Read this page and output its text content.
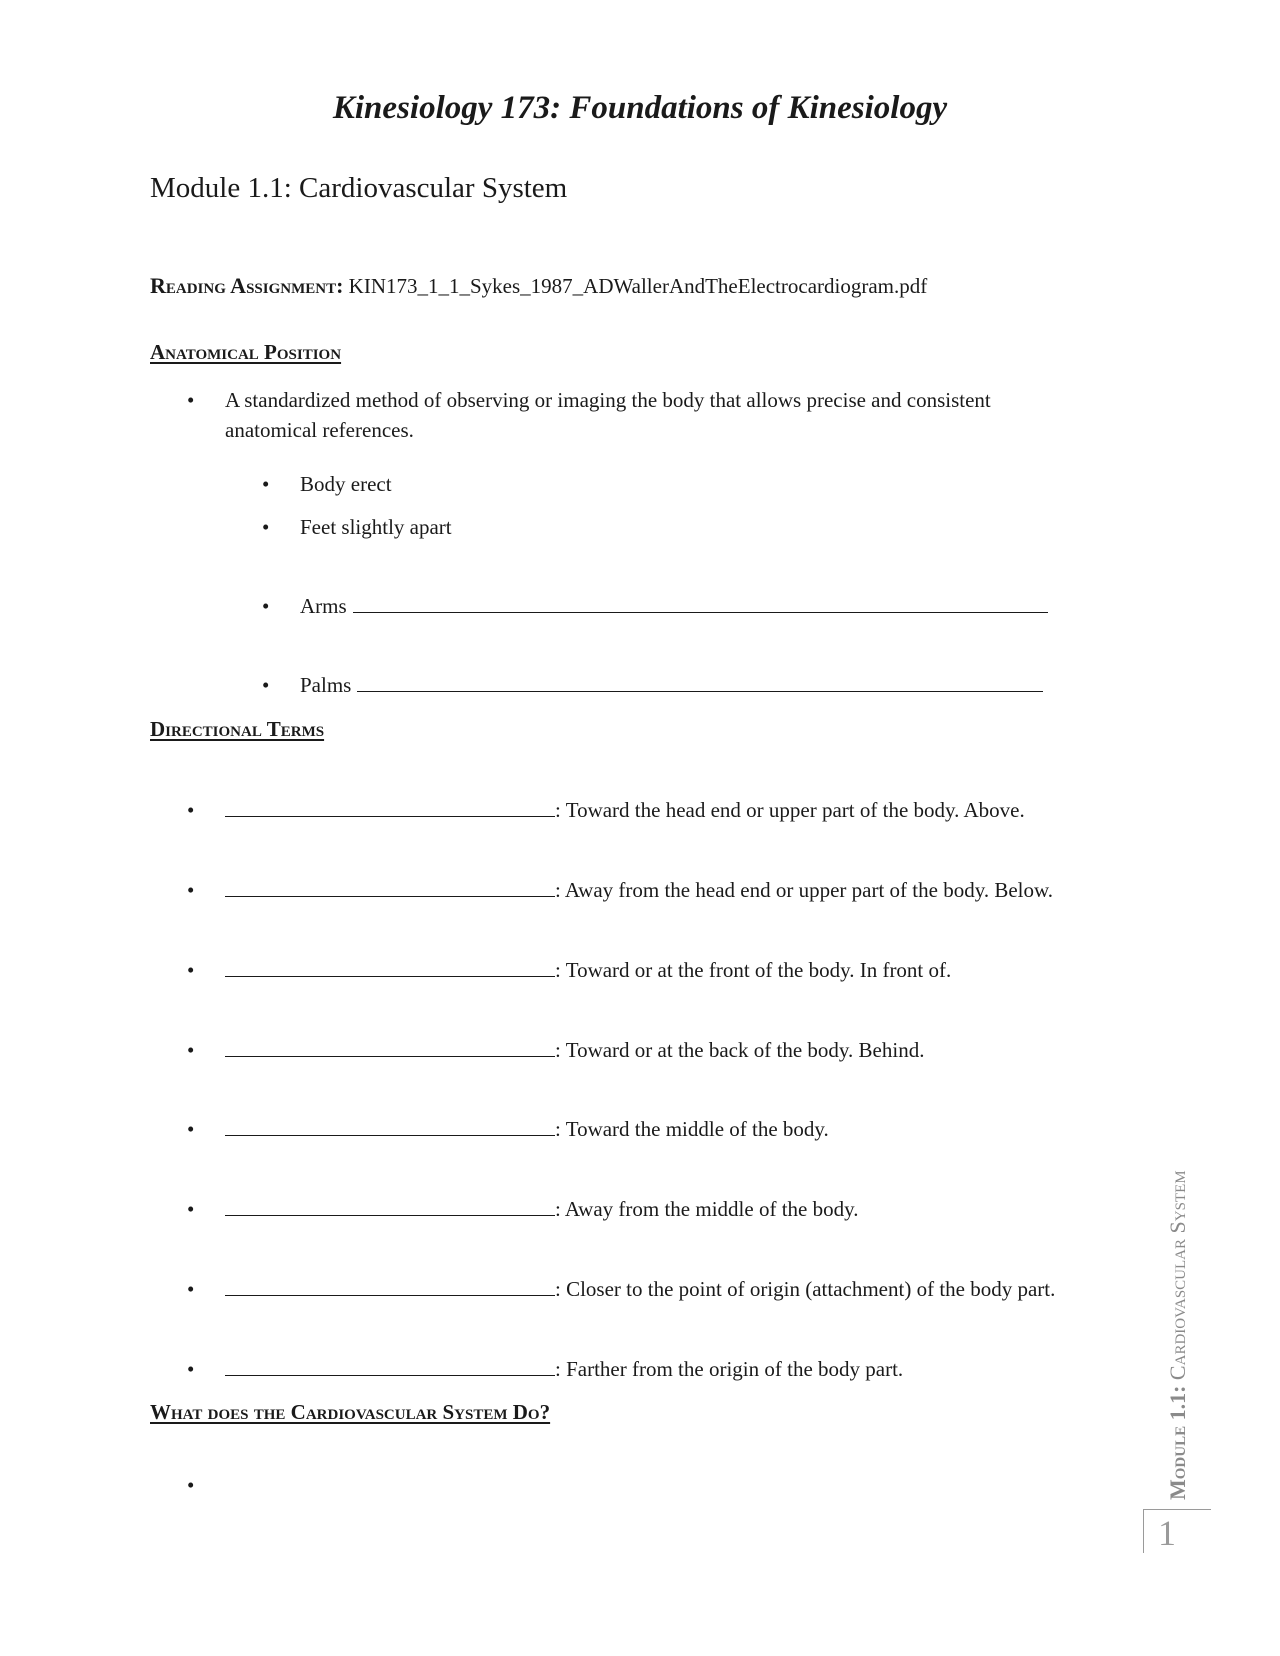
Kinesiology 173: Foundations of Kinesiology
Module 1.1: Cardiovascular System

Reading Assignment: KIN173_1_1_Sykes_1987_ADWallerAndTheElectrocardiogram.pdf

Anatomical Position
• A standardized method of observing or imaging the body that allows precise and consistent anatomical references.
• Body erect
• Feet slightly apart
• Arms
• Palms
Directional Terms
•	: Toward the head end or upper part of the body. Above.
•	: Away from the head end or upper part of the body. Below.
•	: Toward or at the front of the body. In front of.
•	: Toward or at the back of the body. Behind.
•	: Toward the middle of the body.
•	: Away from the middle of the body.
•	: Closer to the point of origin (attachment) of the body part.
•	: Farther from the origin of the body part.
What does the Cardiovascular System Do?
•	Module 1.1: Cardiovascular System
1
